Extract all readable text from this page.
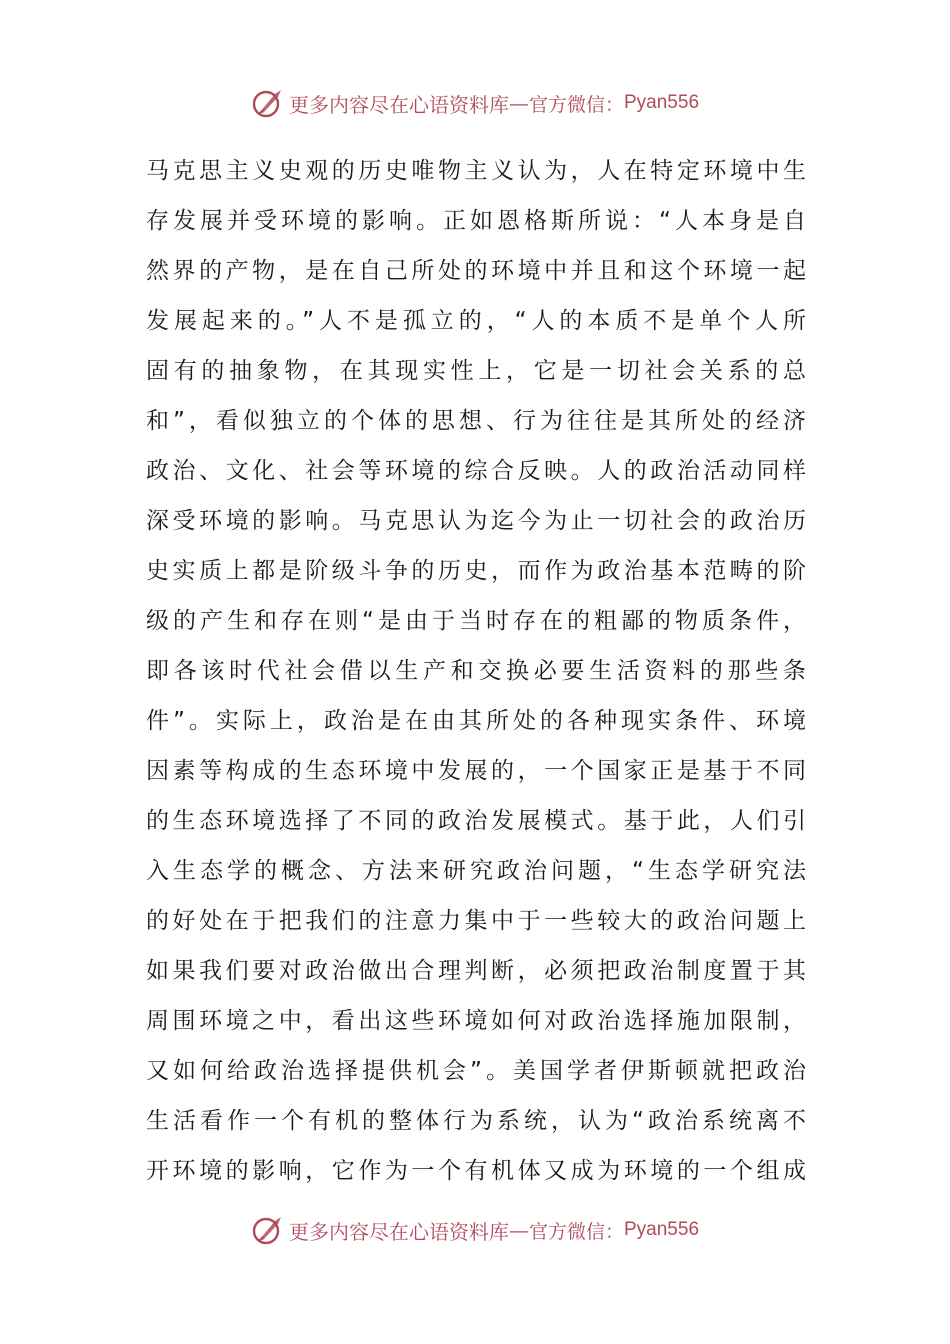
更多内容尽在心语资料库 — 官方微信： Pyan556
马克思主义史观的历史唯物主义认为，人在特定环境中生
存发展并受环境的影响。正如恩格斯所说：“人本身是自
然界的产物，是在自己所处的环境中并且和这个环境一起
发展起来的。”人不是孤立的，“人的本质不是单个人所
固有的抽象物，在其现实性上，它是一切社会关系的总
和”，看似独立的个体的思想、行为往往是其所处的经济
政治、文化、社会等环境的综合反映。人的政治活动同样
深受环境的影响。马克思认为迄今为止一切社会的政治历
史实质上都是阶级斗争的历史，而作为政治基本范畴的阶
级的产生和存在则“是由于当时存在的粗鄙的物质条件，
即各该时代社会借以生产和交换必要生活资料的那些条
件”。实际上，政治是在由其所处的各种现实条件、环境
因素等构成的生态环境中发展的，一个国家正是基于不同
的生态环境选择了不同的政治发展模式。基于此，人们引
入生态学的概念、方法来研究政治问题，“生态学研究法
的好处在于把我们的注意力集中于一些较大的政治问题上
如果我们要对政治做出合理判断，必须把政治制度置于其
周围环境之中，看出这些环境如何对政治选择施加限制，
又如何给政治选择提供机会”。美国学者伊斯顿就把政治
生活看作一个有机的整体行为系统，认为“政治系统离不
开环境的影响，它作为一个有机体又成为环境的一个组成
更多内容尽在心语资料库 — 官方微信： Pyan556
